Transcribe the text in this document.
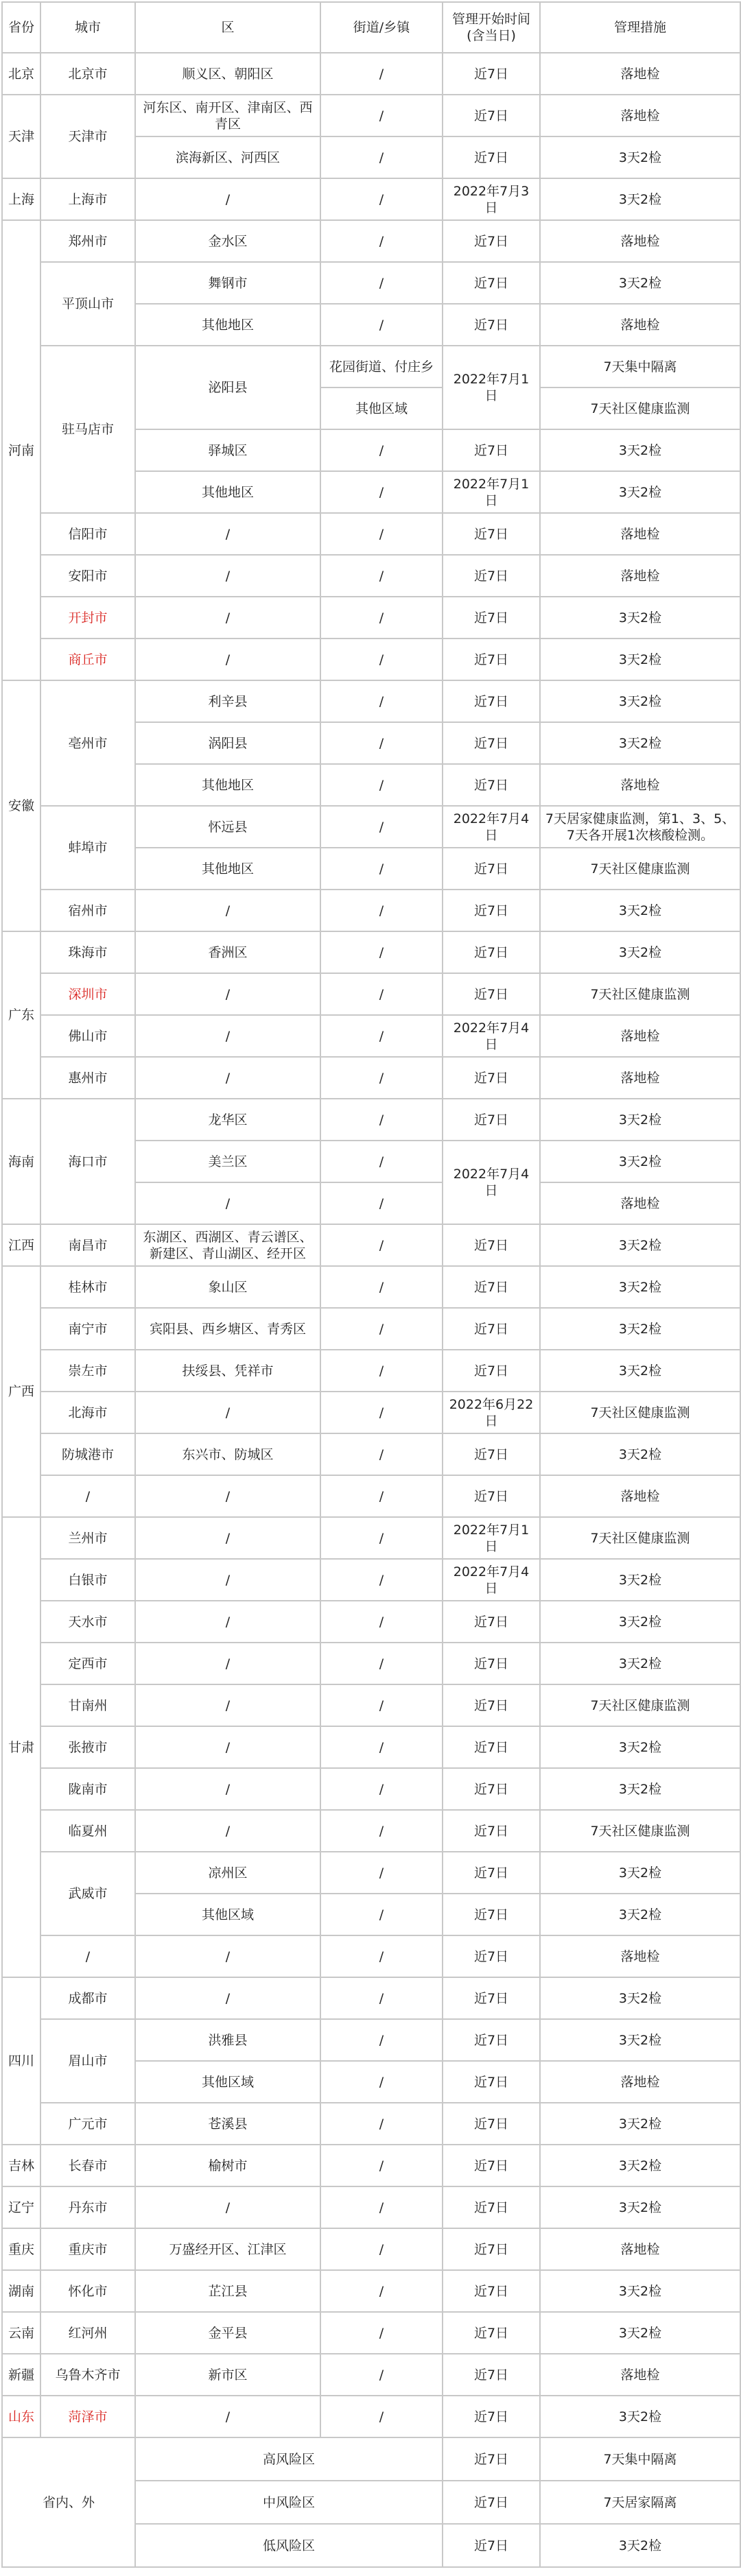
省份	城市	区	街道/乡镇	管理开始时间
(含当日)	管理措施
北京	北京市	顺义区、朝阳区	/	近7日	落地检
天津	天津市	河东区、南开区、津南区、西青区	/	近7日	落地检
		滨海新区、河西区	/	近7日	3天2检
上海	上海市	/	/	2022年7月3日	3天2检
河南	郑州市	金水区	/	近7日	落地检
	平顶山市	舞钢市	/	近7日	3天2检
		其他地区	/	近7日	落地检
	驻马店市	泌阳县	花园街道、付庄乡	2022年7月1日	7天集中隔离
			其他区域		7天社区健康监测
		驿城区	/	近7日	3天2检
		其他地区	/	2022年7月1日	3天2检
	信阳市	/	/	近7日	落地检
	安阳市	/	/	近7日	落地检
	开封市	/	/	近7日	3天2检
	商丘市	/	/	近7日	3天2检
安徽	亳州市	利辛县	/	近7日	3天2检
		涡阳县	/	近7日	3天2检
		其他地区	/	近7日	落地检
	蚌埠市	怀远县	/	2022年7月4日	7天居家健康监测，第1、3、5、7天各开展1次核酸检测。
		其他地区	/	近7日	7天社区健康监测
	宿州市	/	/	近7日	3天2检
广东	珠海市	香洲区	/	近7日	3天2检
	深圳市	/	/	近7日	7天社区健康监测
	佛山市	/	/	2022年7月4日	落地检
	惠州市	/	/	近7日	落地检
海南	海口市	龙华区	/	近7日	3天2检
		美兰区	/	2022年7月4日	3天2检
		/	/		落地检
江西	南昌市	东湖区、西湖区、青云谱区、新建区、青山湖区、经开区	/	近7日	3天2检
广西	桂林市	象山区	/	近7日	3天2检
	南宁市	宾阳县、西乡塘区、青秀区	/	近7日	3天2检
	崇左市	扶绥县、凭祥市	/	近7日	3天2检
	北海市	/	/	2022年6月22日	7天社区健康监测
	防城港市	东兴市、防城区	/	近7日	3天2检
	/	/	/	近7日	落地检
甘肃	兰州市	/	/	2022年7月1日	7天社区健康监测
	白银市	/	/	2022年7月4日	3天2检
	天水市	/	/	近7日	3天2检
	定西市	/	/	近7日	3天2检
	甘南州	/	/	近7日	7天社区健康监测
	张掖市	/	/	近7日	3天2检
	陇南市	/	/	近7日	3天2检
	临夏州	/	/	近7日	7天社区健康监测
	武威市	凉州区	/	近7日	3天2检
		其他区域	/	近7日	3天2检
	/	/	/	近7日	落地检
四川	成都市	/	/	近7日	3天2检
	眉山市	洪雅县	/	近7日	3天2检
		其他区域	/	近7日	落地检
	广元市	苍溪县	/	近7日	3天2检
吉林	长春市	榆树市	/	近7日	3天2检
辽宁	丹东市	/	/	近7日	3天2检
重庆	重庆市	万盛经开区、江津区	/	近7日	落地检
湖南	怀化市	芷江县	/	近7日	3天2检
云南	红河州	金平县	/	近7日	3天2检
新疆	乌鲁木齐市	新市区	/	近7日	落地检
山东	菏泽市	/	/	近7日	3天2检
省内、外		高风险区		近7日	7天集中隔离
		中风险区		近7日	7天居家隔离
		低风险区		近7日	3天2检
